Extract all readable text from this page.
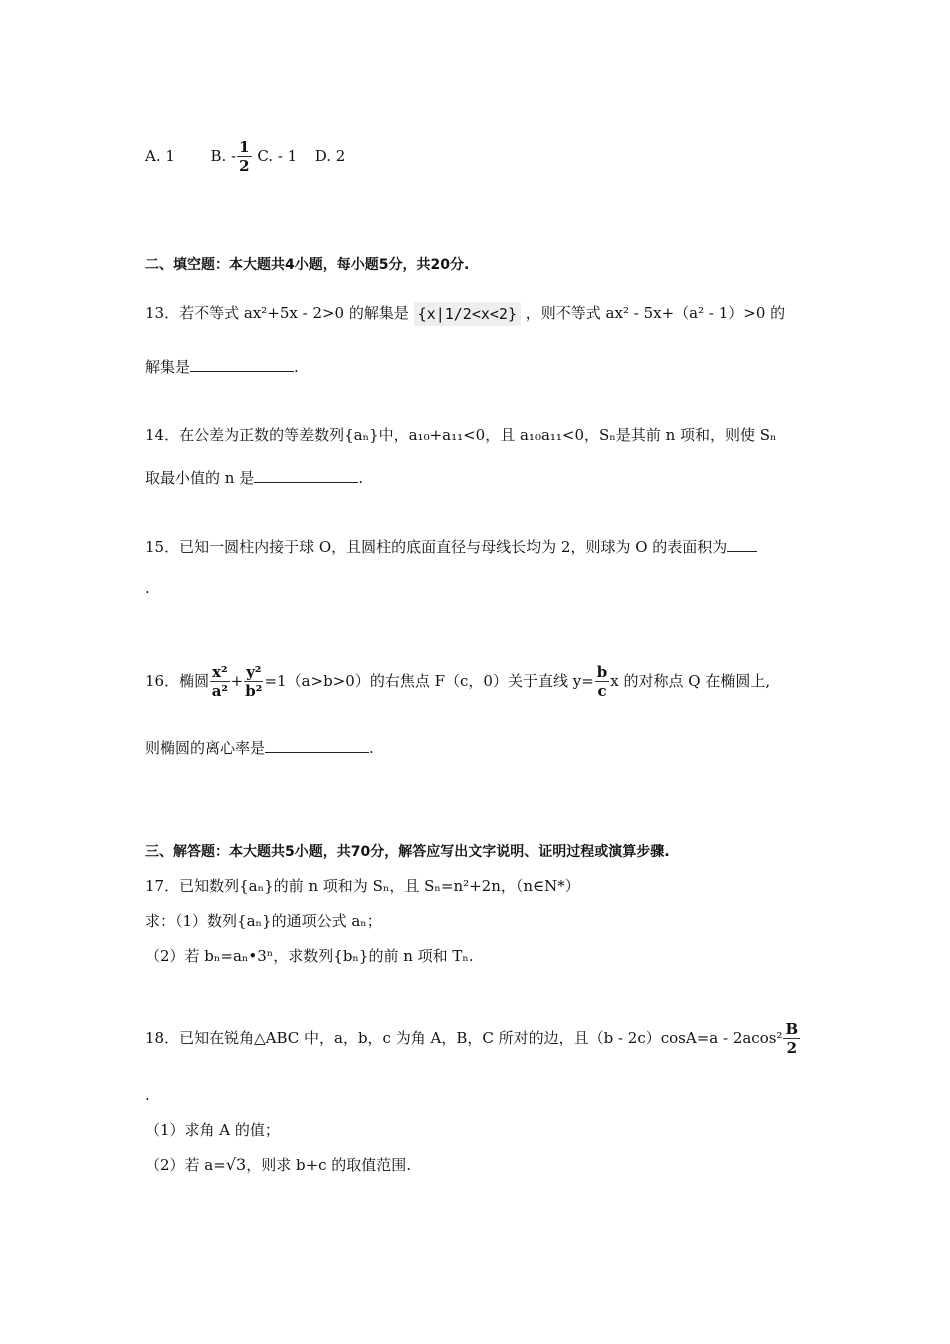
A. 1 B. - $\frac{1}{2} C$. - 1 D. 2
二、填空题：本大题共4小题，每小题5分，共20分.
13．若不等式 ax²+5x - 2>0 的解集是 {x|1/2<x<2} ，则不等式 ax² - 5x+（a² - 1）>0 的
解集是	.
14．在公差为正数的等差数列{aₙ}中，a₁₀+a₁₁<0，且 a₁₀a₁₁<0，Sₙ是其前 n 项和，则使 Sₙ
取最小值的 n 是	.
15．已知一圆柱内接于球 O，且圆柱的底面直径与母线长均为 2，则球为 O 的表面积为
.
16．椭圆 $\frac{\text{x²}}{\text{a²}} + \frac{\text{y²}}{\text{b²}} =1(a>b>0)$的右焦点 F（c，0）关于直线 $y= \frac{b}{c}$ x 的对称点 Q 在椭圆上,
则椭圆的离心率是	.
三、解答题：本大题共5小题，共70分，解答应写出文字说明、证明过程或演算步骤.
17．已知数列{aₙ}的前 n 项和为 Sₙ，且 Sₙ=n²+2n，（n∈N*）
求：（1）数列{aₙ}的通项公式 aₙ；
（2）若 bₙ=aₙ•3ⁿ，求数列{bₙ}的前 n 项和 Tₙ.
18．已知在锐角△ABC 中，a，b，c 为角 A，B，C 所对的边，且$(b - 2c)\cos A=a - 2acos^2 \frac{B}{2}$
.
（1）求角 A 的值；
（2）若 a=√3，则求 b+c 的取值范围.
